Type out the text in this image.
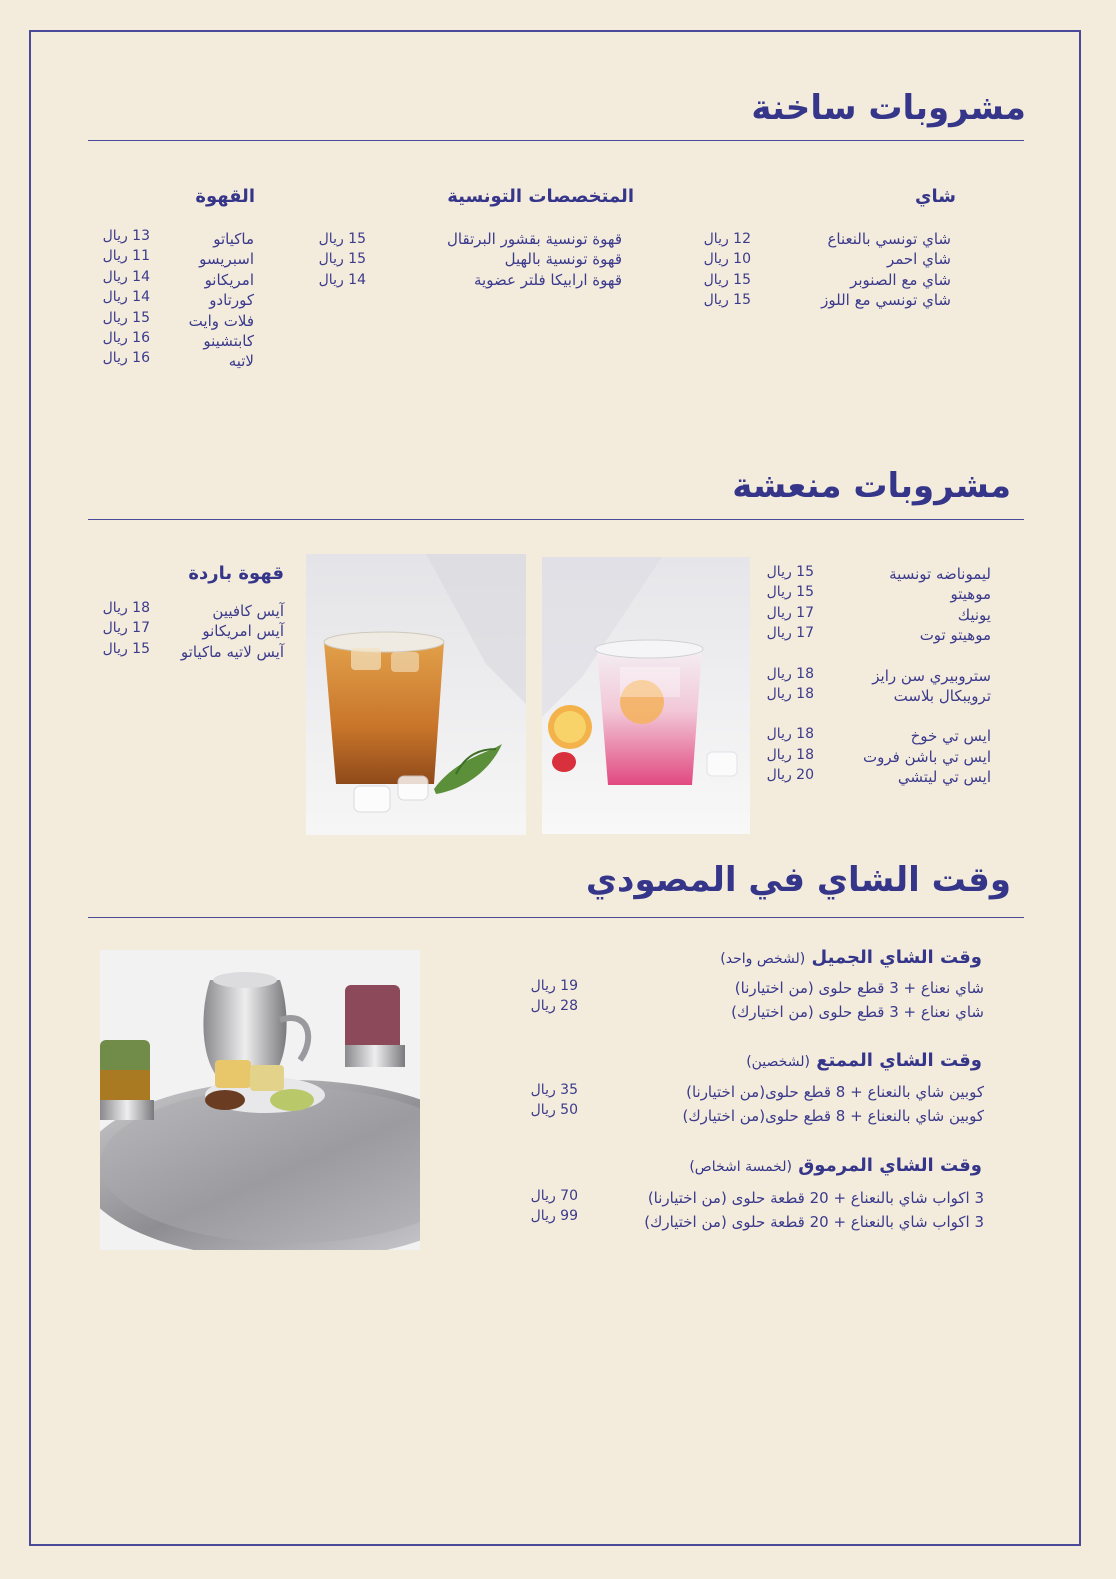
مشروبات ساخنة
شاي
شاي تونسي بالنعناع
شاي احمر
شاي مع الصنوبر
شاي تونسي مع اللوز
12 ريال
10 ريال
15 ريال
15 ريال
المتخصصات التونسية
قهوة تونسية بقشور البرتقال
قهوة تونسية بالهيل
قهوة ارابيكا فلتر عضوية
15 ريال
15 ريال
14 ريال
القهوة
ماكياتو
اسبريسو
امريكانو
كورتادو
فلات وايت
كابتشينو
لاتيه
13 ريال
11 ريال
14 ريال
14 ريال
15 ريال
16 ريال
16 ريال
مشروبات منعشة
ليموناضه تونسية
موهيتو
يونيك
موهيتو توت
ستروبيري سن رايز
ترويبكال بلاست
ايس تي خوخ
ايس تي باشن فروت
ايس تي ليتشي
15 ريال
15 ريال
17 ريال
17 ريال
18 ريال
18 ريال
18 ريال
18 ريال
20 ريال
قهوة باردة
آيس كافيين
آيس امريكانو
آيس لاتيه ماكياتو
18 ريال
17 ريال
15 ريال
وقت الشاي في المصودي
وقت الشاي الجميل (لشخص واحد)
شاي نعناع + 3 قطع حلوى (من اختيارنا)
شاي نعناع + 3 قطع حلوى (من اختيارك)
19 ريال
28 ريال
وقت الشاي الممتع (لشخصين)
كوبين شاي بالنعناع + 8 قطع حلوى(من اختيارنا)
كوبين شاي بالنعناع + 8 قطع حلوى(من اختيارك)
35 ريال
50 ريال
وقت الشاي المرموق (لخمسة اشخاص)
3 اكواب شاي بالنعناع + 20 قطعة حلوى (من اختيارنا)
3 اكواب شاي بالنعناع + 20 قطعة حلوى (من اختيارك)
70 ريال
99 ريال
